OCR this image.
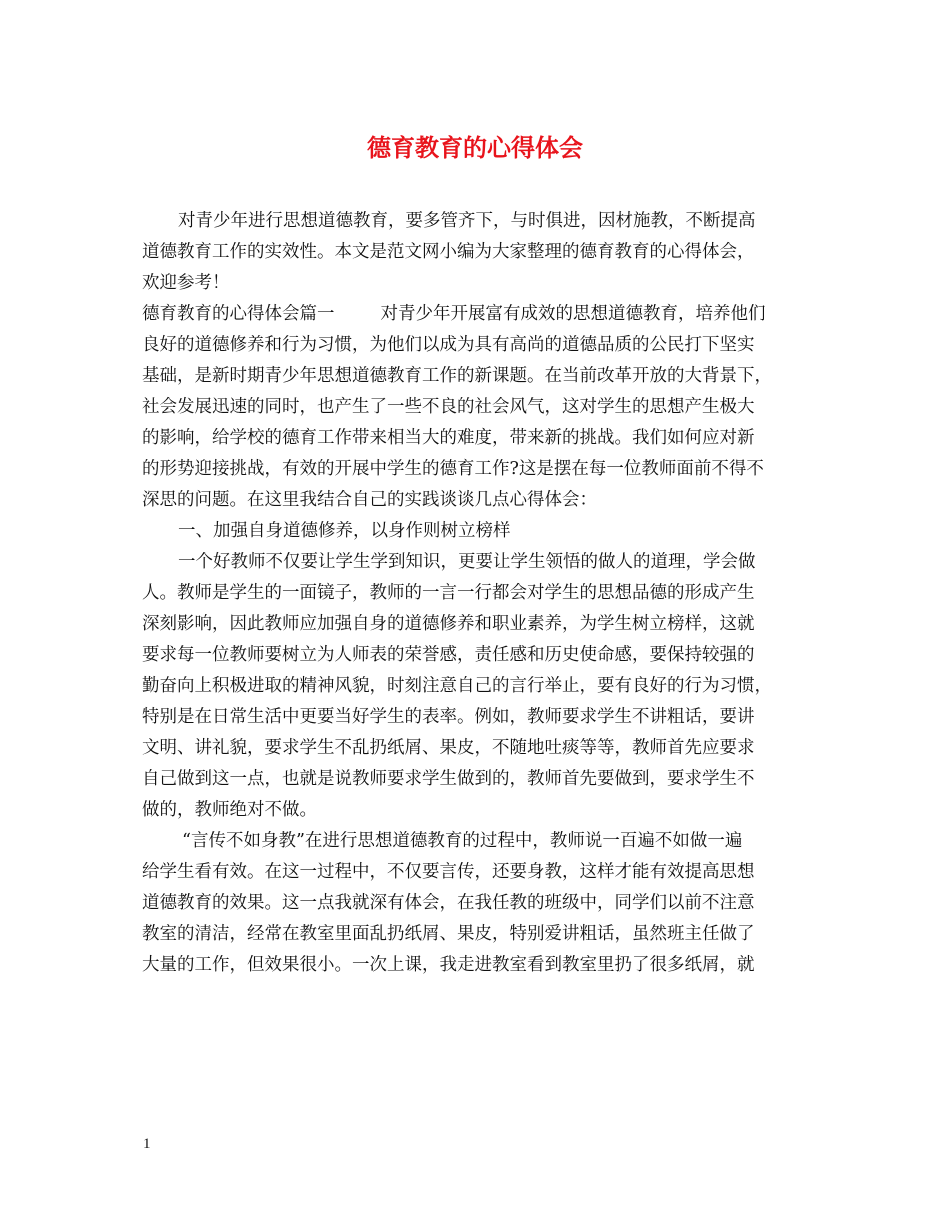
德育教育的心得体会
对青少年进行思想道德教育，要多管齐下，与时俱进，因材施教，不断提高
道德教育工作的实效性。本文是范文网小编为大家整理的德育教育的心得体会，
欢迎参考！
德育教育的心得体会篇一	对青少年开展富有成效的思想道德教育，培养他们
良好的道德修养和行为习惯，为他们以成为具有高尚的道德品质的公民打下坚实
基础，是新时期青少年思想道德教育工作的新课题。在当前改革开放的大背景下，
社会发展迅速的同时，也产生了一些不良的社会风气，这对学生的思想产生极大
的影响，给学校的德育工作带来相当大的难度，带来新的挑战。我们如何应对新
的形势迎接挑战，有效的开展中学生的德育工作?这是摆在每一位教师面前不得不
深思的问题。在这里我结合自己的实践谈谈几点心得体会：
一、加强自身道德修养，以身作则树立榜样
一个好教师不仅要让学生学到知识，更要让学生领悟的做人的道理，学会做
人。教师是学生的一面镜子，教师的一言一行都会对学生的思想品德的形成产生
深刻影响，因此教师应加强自身的道德修养和职业素养，为学生树立榜样，这就
要求每一位教师要树立为人师表的荣誉感，责任感和历史使命感，要保持较强的
勤奋向上积极进取的精神风貌，时刻注意自己的言行举止，要有良好的行为习惯，
特别是在日常生活中更要当好学生的表率。例如，教师要求学生不讲粗话，要讲
文明、讲礼貌，要求学生不乱扔纸屑、果皮，不随地吐痰等等，教师首先应要求
自己做到这一点，也就是说教师要求学生做到的，教师首先要做到，要求学生不
做的，教师绝对不做。
“言传不如身教”在进行思想道德教育的过程中，教师说一百遍不如做一遍
给学生看有效。在这一过程中，不仅要言传，还要身教，这样才能有效提高思想
道德教育的效果。这一点我就深有体会，在我任教的班级中，同学们以前不注意
教室的清洁，经常在教室里面乱扔纸屑、果皮，特别爱讲粗话，虽然班主任做了
大量的工作，但效果很小。一次上课，我走进教室看到教室里扔了很多纸屑，就
1
